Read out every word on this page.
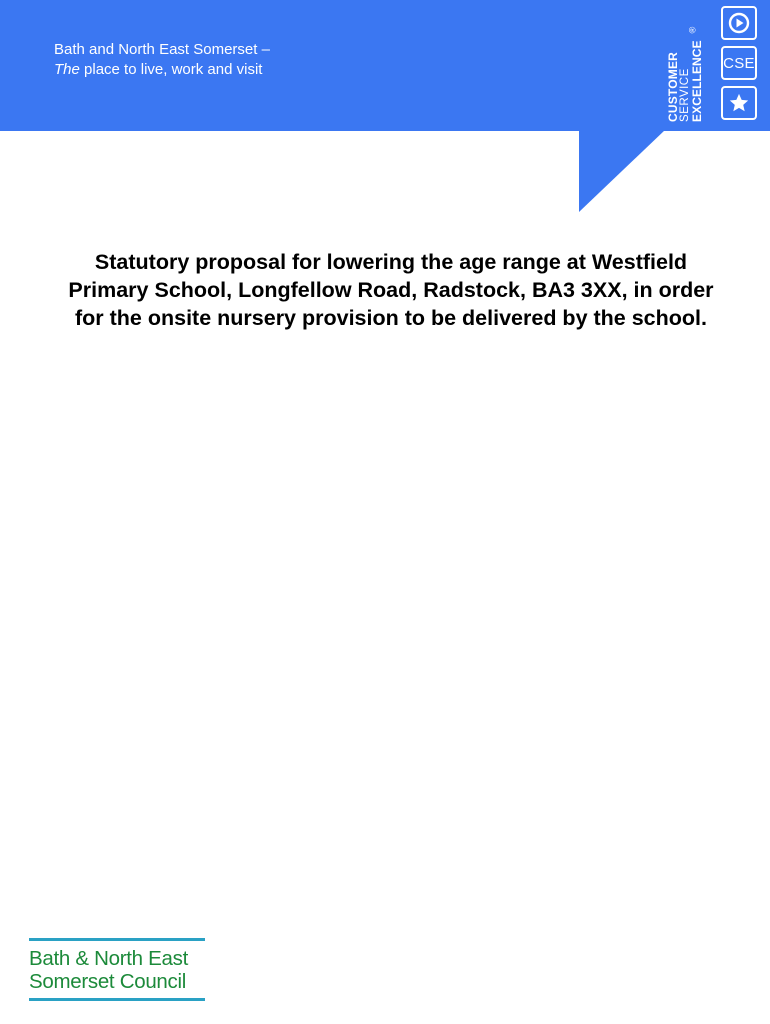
Bath and North East Somerset –
The place to live, work and visit	CUSTOMER SERVICE EXCELLENCE
®
CSE
Statutory proposal for lowering the age range at Westfield Primary School, Longfellow Road, Radstock, BA3 3XX, in order for the onsite nursery provision to be delivered by the school.
Bath & North East
Somerset Council
